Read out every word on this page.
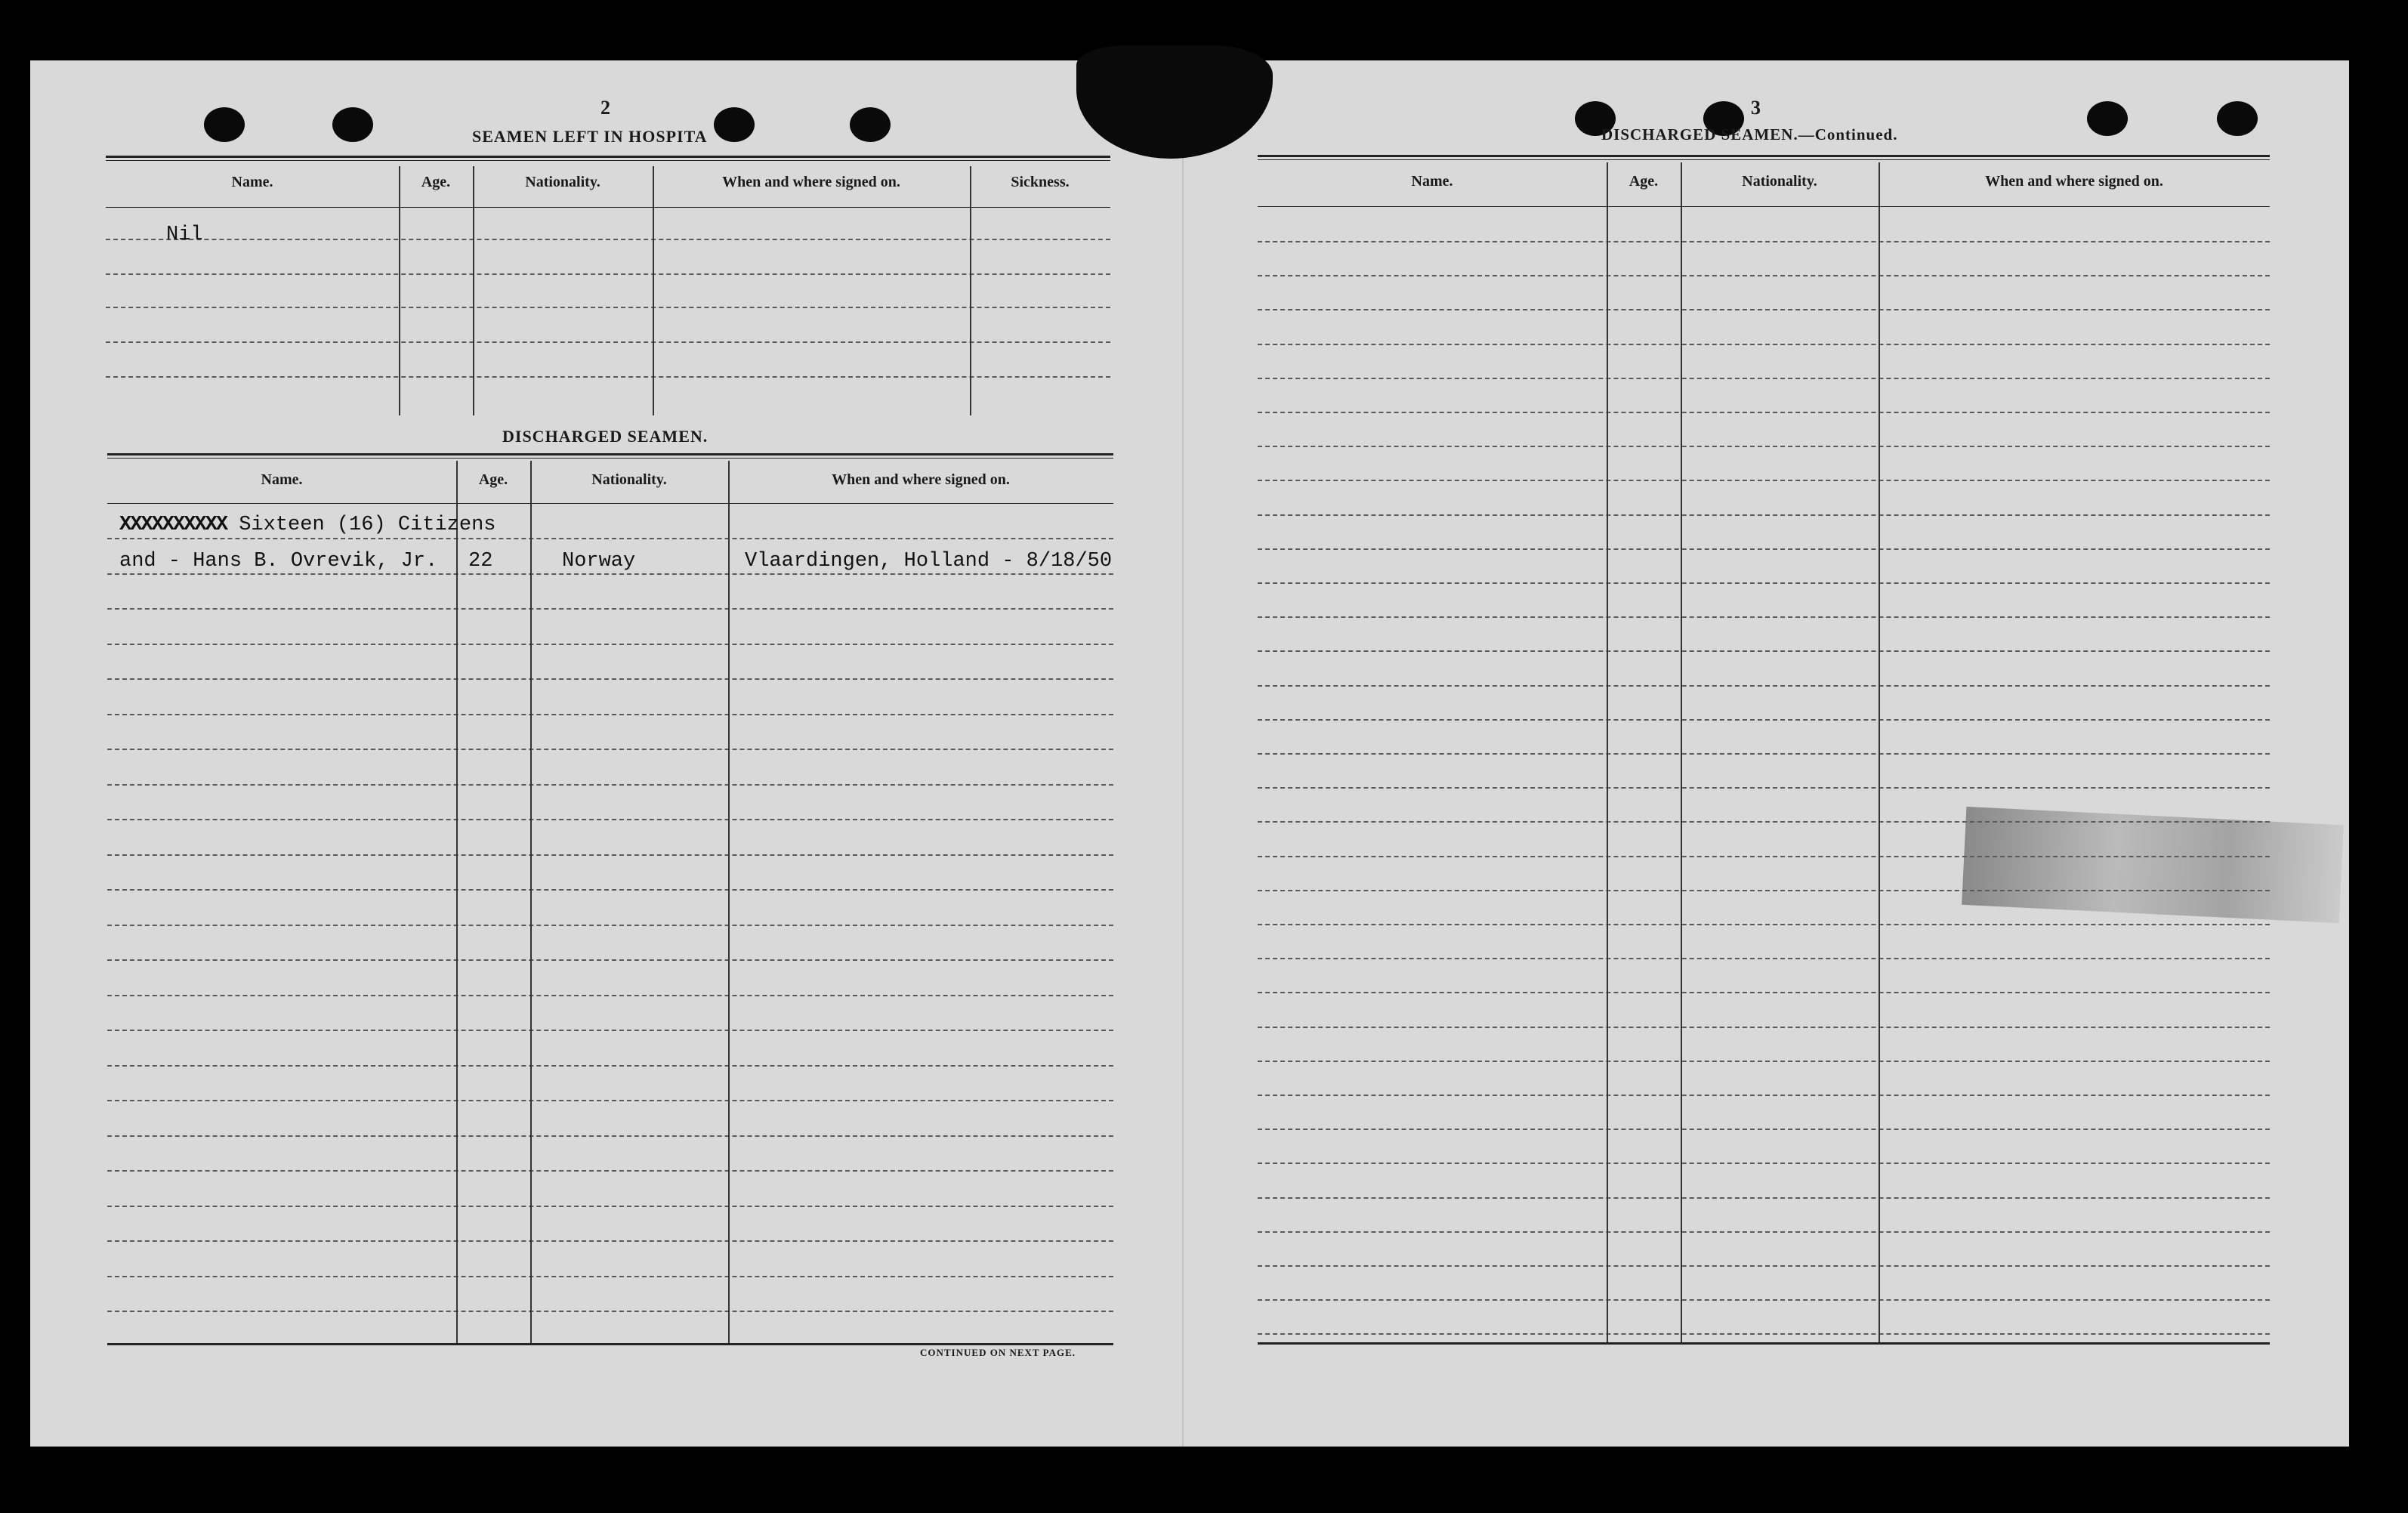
2
SEAMEN LEFT IN HOSPITA
Name.	Age.	Nationality.	When and where signed on.	Sickness.
Nil
DISCHARGED SEAMEN.
Name.	Age.	Nationality.	When and where signed on.
XXXXXXXXXX Sixteen (16) Citizens
and - Hans B. Ovrevik, Jr. 22	Norway	Vlaardingen, Holland - 8/18/50
CONTINUED ON NEXT PAGE.
3
DISCHARGED SEAMEN.—Continued.
Name.	Age.	Nationality.	When and where signed on.
